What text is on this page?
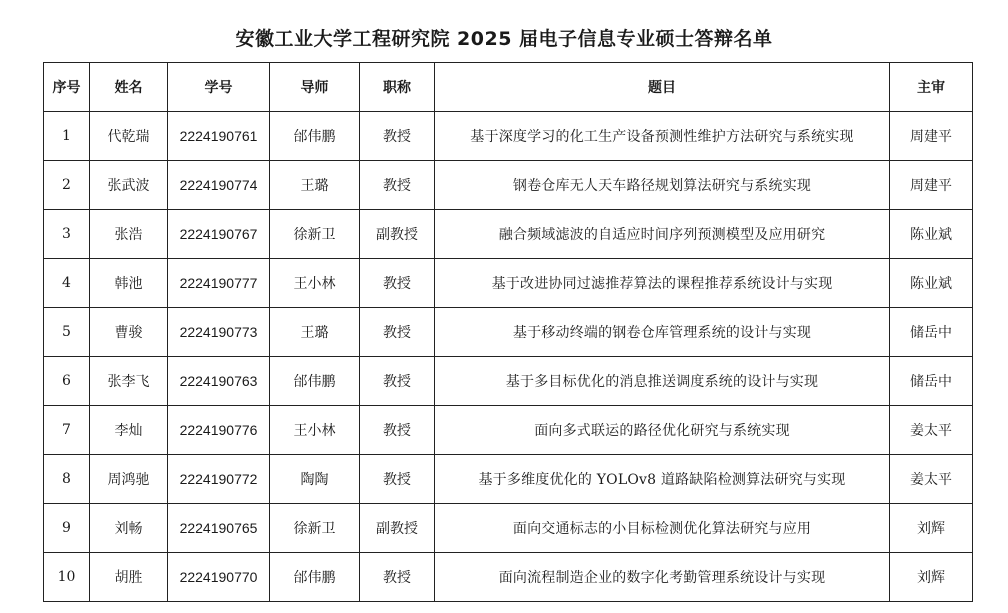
安徽工业大学工程研究院 2025 届电子信息专业硕士答辩名单
序号	姓名	学号	导师	职称	题目	主审
1	代乾瑞	2224190761	邰伟鹏	教授	基于深度学习的化工生产设备预测性维护方法研究与系统实现	周建平
2	张武波	2224190774	王璐	教授	钢卷仓库无人天车路径规划算法研究与系统实现	周建平
3	张浩	2224190767	徐新卫	副教授	融合频域滤波的自适应时间序列预测模型及应用研究	陈业斌
4	韩池	2224190777	王小林	教授	基于改进协同过滤推荐算法的课程推荐系统设计与实现	陈业斌
5	曹骏	2224190773	王璐	教授	基于移动终端的钢卷仓库管理系统的设计与实现	储岳中
6	张李飞	2224190763	邰伟鹏	教授	基于多目标优化的消息推送调度系统的设计与实现	储岳中
7	李灿	2224190776	王小林	教授	面向多式联运的路径优化研究与系统实现	姜太平
8	周鸿驰	2224190772	陶陶	教授	基于多维度优化的 YOLOv8 道路缺陷检测算法研究与实现	姜太平
9	刘畅	2224190765	徐新卫	副教授	面向交通标志的小目标检测优化算法研究与应用	刘辉
10	胡胜	2224190770	邰伟鹏	教授	面向流程制造企业的数字化考勤管理系统设计与实现	刘辉
